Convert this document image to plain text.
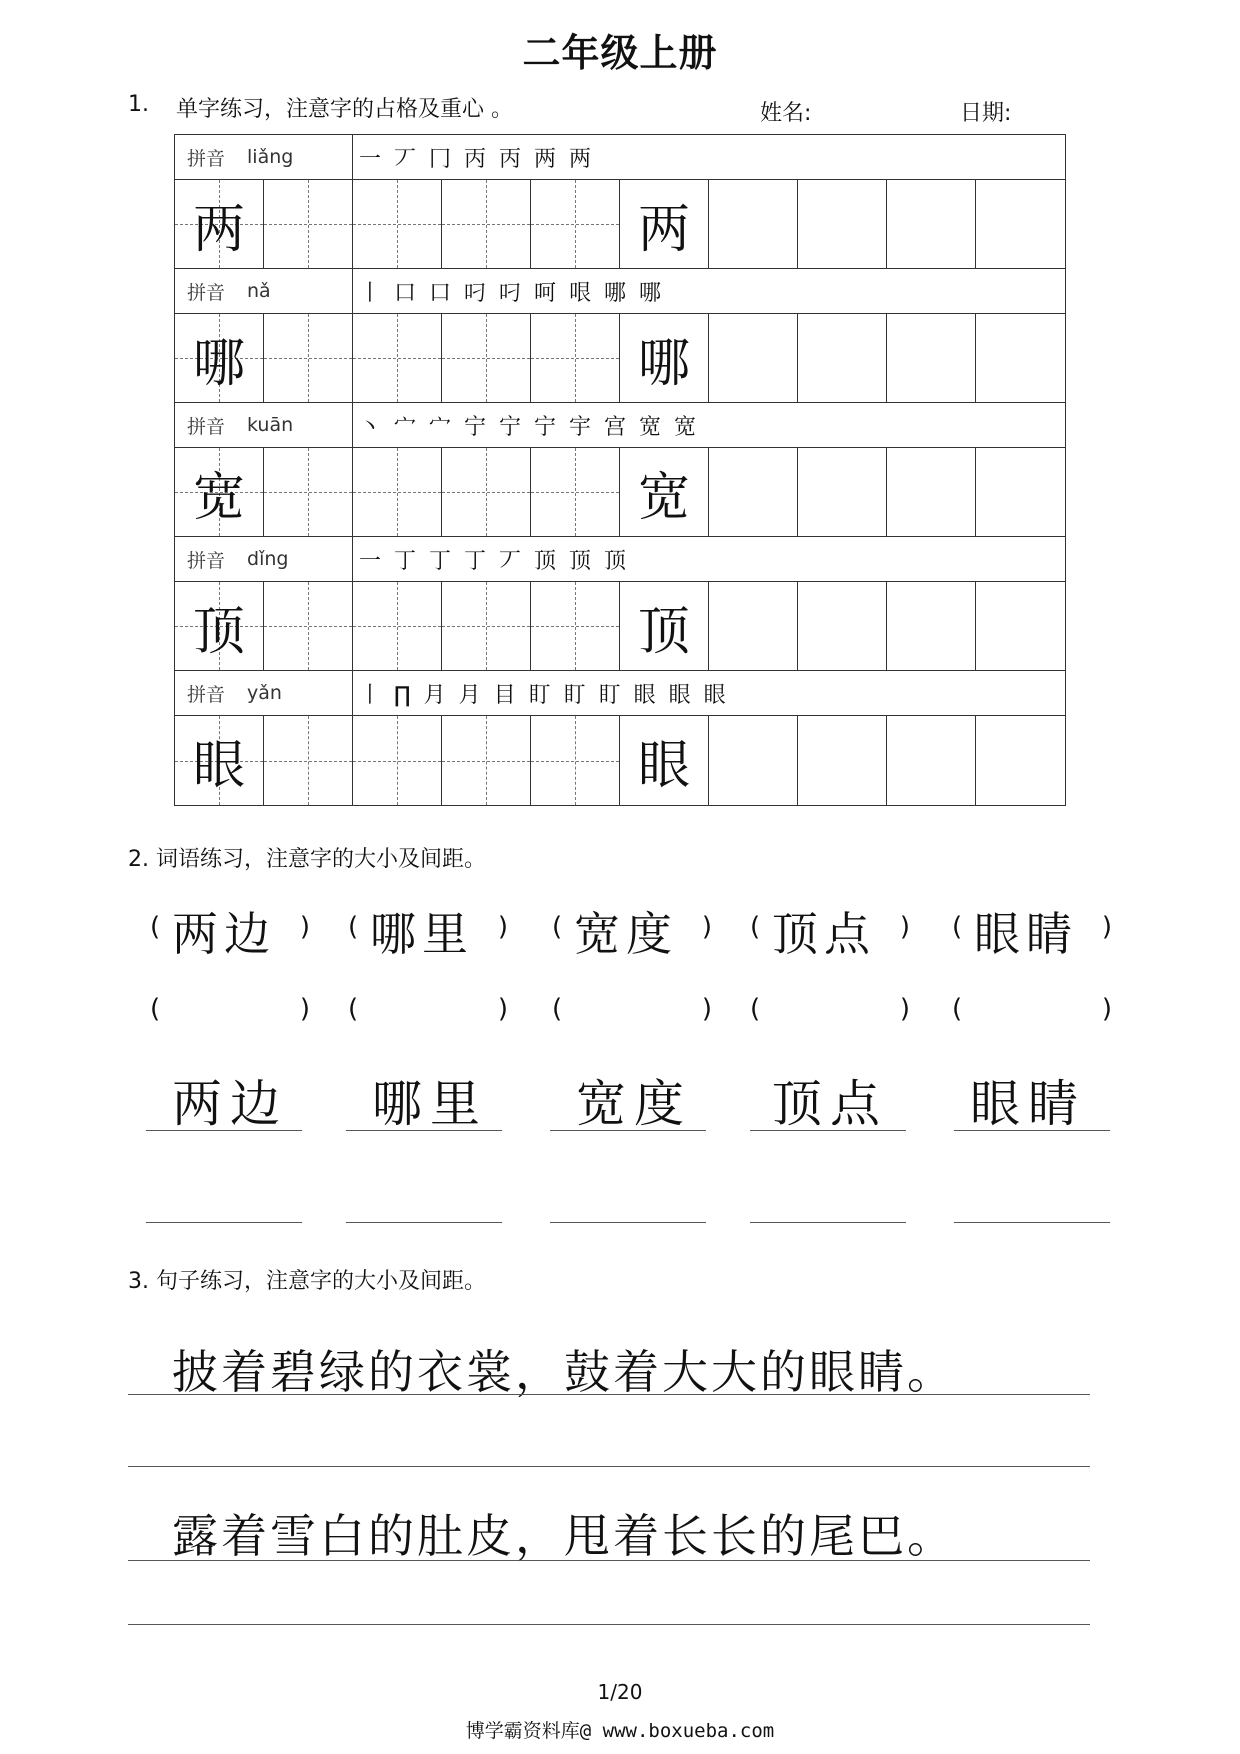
二年级上册
1. 单字练习，注意字的占格及重心 。	姓名:	日期:
拼音 liǎng	一 丆 冂 丙 丙 两 两
两	两
拼音 nǎ	丨 口 口 叼 叼 呵 哏 哪 哪
哪	哪
拼音 kuān	丶 宀 宀 宁 宁 宁 宇 宫 宽 宽
宽	宽
拼音 dǐng	一 丁 丁 丁 丆 顶 顶 顶
顶	顶
拼音 yǎn	丨 ∏ 月 月 目 盯 盯 盯 眼 眼 眼
眼	眼
2. 词语练习，注意字的大小及间距。
( 两边 ) ( 哪里 ) ( 宽度 ) ( 顶点 ) ( 眼睛 )
(	) (	) (	) (	) (	)
两边 哪里 宽度 顶点 眼睛
3. 句子练习，注意字的大小及间距。
披着碧绿的衣裳，鼓着大大的眼睛。
露着雪白的肚皮，甩着长长的尾巴。
1/20
博学霸资料库@ www.boxueba.com
